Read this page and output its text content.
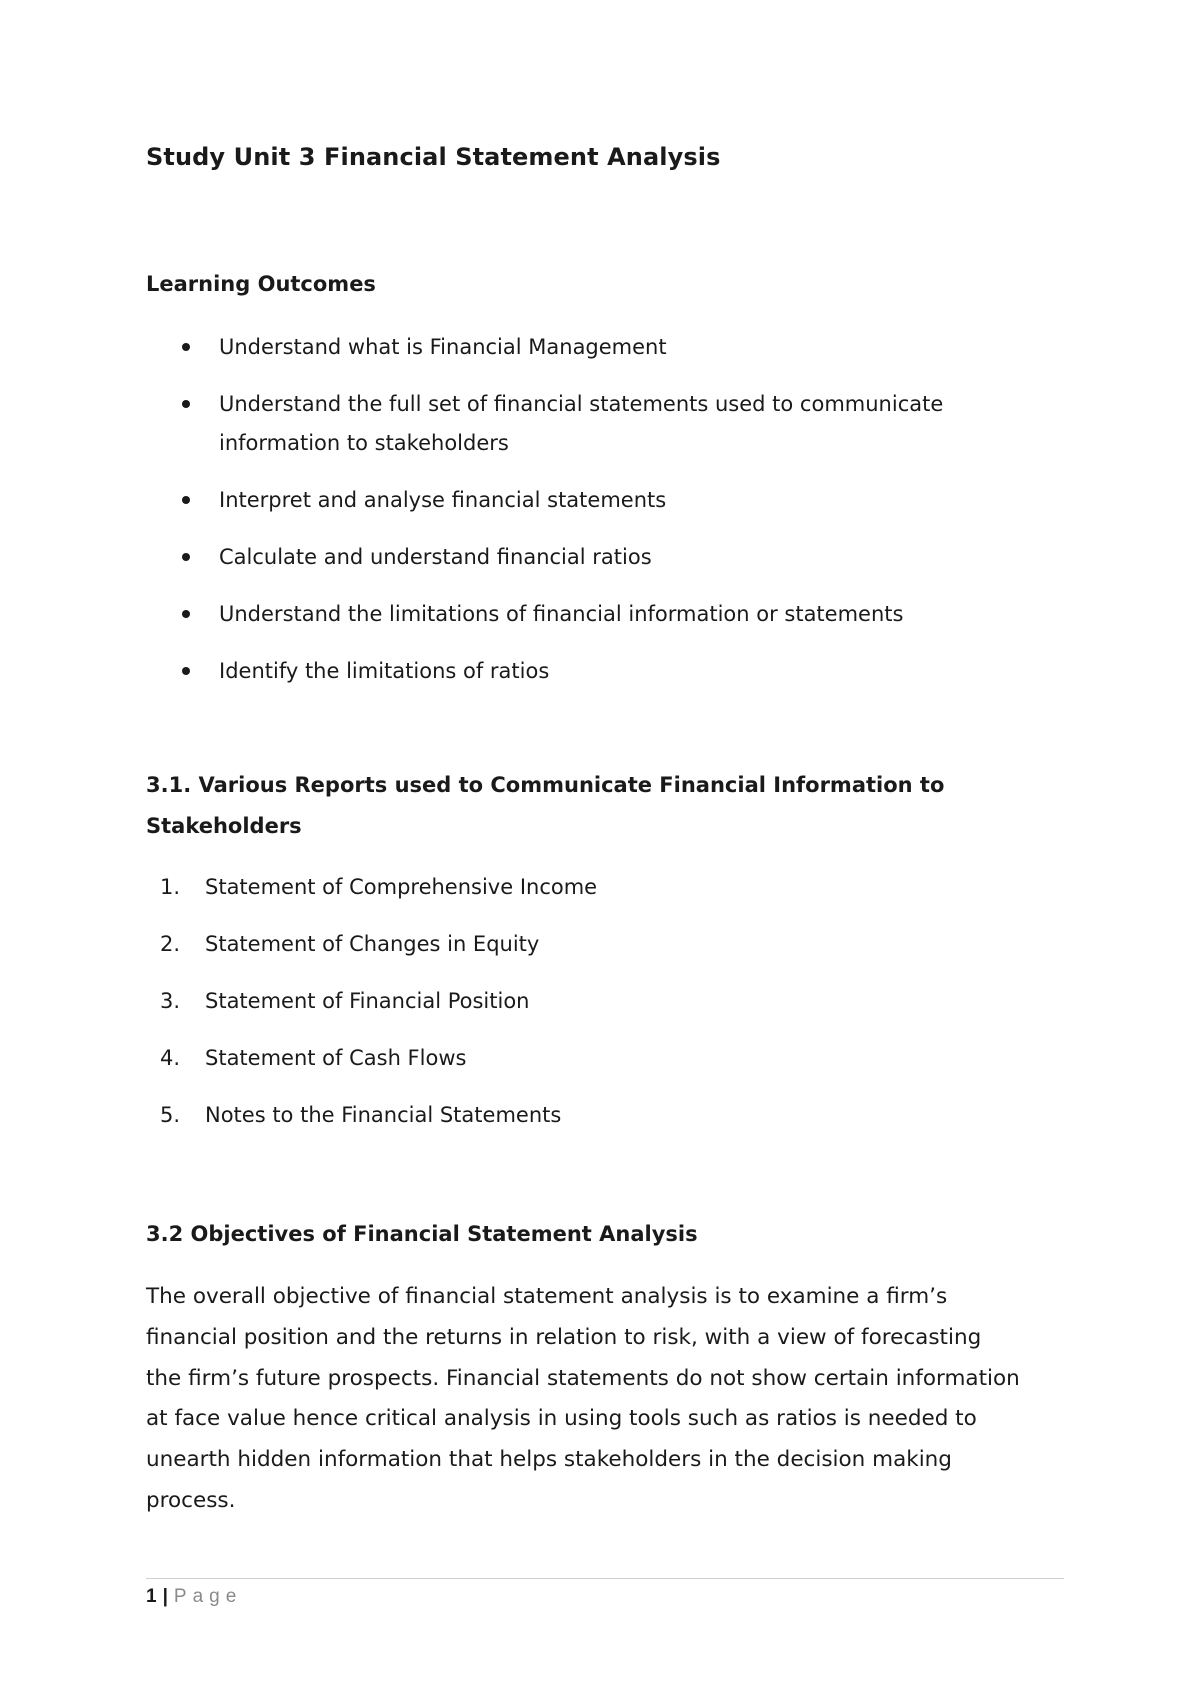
Study Unit 3 Financial Statement Analysis
Learning Outcomes
Understand what is Financial Management
Understand the full set of financial statements used to communicate
information to stakeholders
Interpret and analyse financial statements
Calculate and understand financial ratios
Understand the limitations of financial information or statements
Identify the limitations of ratios
3.1. Various Reports used to Communicate Financial Information to
Stakeholders
1. Statement of Comprehensive Income
2. Statement of Changes in Equity
3. Statement of Financial Position
4. Statement of Cash Flows
5. Notes to the Financial Statements
3.2 Objectives of Financial Statement Analysis
The overall objective of financial statement analysis is to examine a firm’s
financial position and the returns in relation to risk, with a view of forecasting
the firm’s future prospects. Financial statements do not show certain information
at face value hence critical analysis in using tools such as ratios is needed to
unearth hidden information that helps stakeholders in the decision making
process.
1 | Page
